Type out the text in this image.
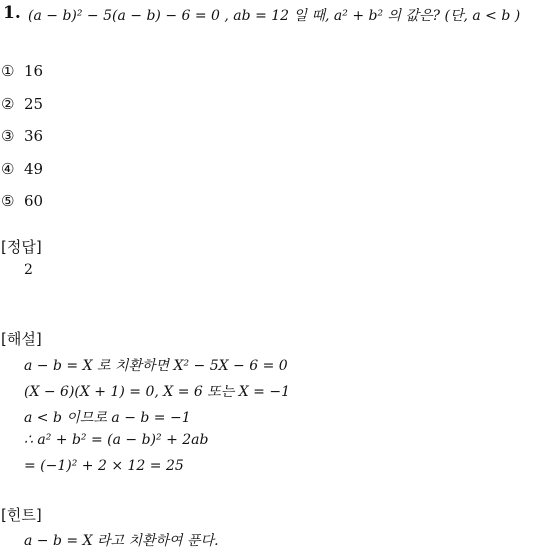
1. (a − b)² − 5(a − b) − 6 = 0 , ab = 12 일 때, a² + b² 의 값은? (단, a < b )
① 16
② 25
③ 36
④ 49
⑤ 60
[정답]
2
[해설]
a − b = X 로 치환하면 X² − 5X − 6 = 0
(X − 6)(X + 1) = 0, X = 6 또는 X = −1
a < b 이므로 a − b = −1
∴ a² + b² = (a − b)² + 2ab
= (−1)² + 2 × 12 = 25
[힌트]
a − b = X 라고 치환하여 푼다.
